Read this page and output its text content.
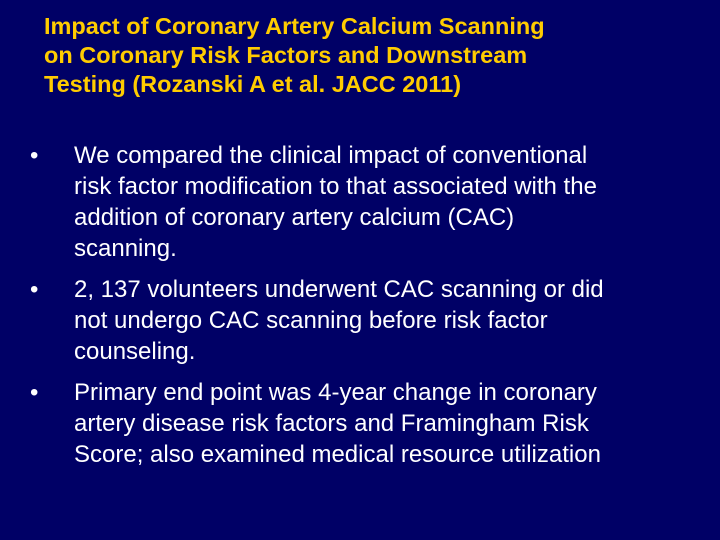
Impact of Coronary Artery Calcium Scanning
on Coronary Risk Factors and Downstream
Testing (Rozanski A et al. JACC 2011)
•	We compared the clinical impact of conventional
risk factor modification to that associated with the
addition of coronary artery calcium (CAC)
scanning.
•	2, 137 volunteers underwent CAC scanning or did
not undergo CAC scanning before risk factor
counseling.
•	Primary end point was 4-year change in coronary
artery disease risk factors and Framingham Risk
Score; also examined medical resource utilization
